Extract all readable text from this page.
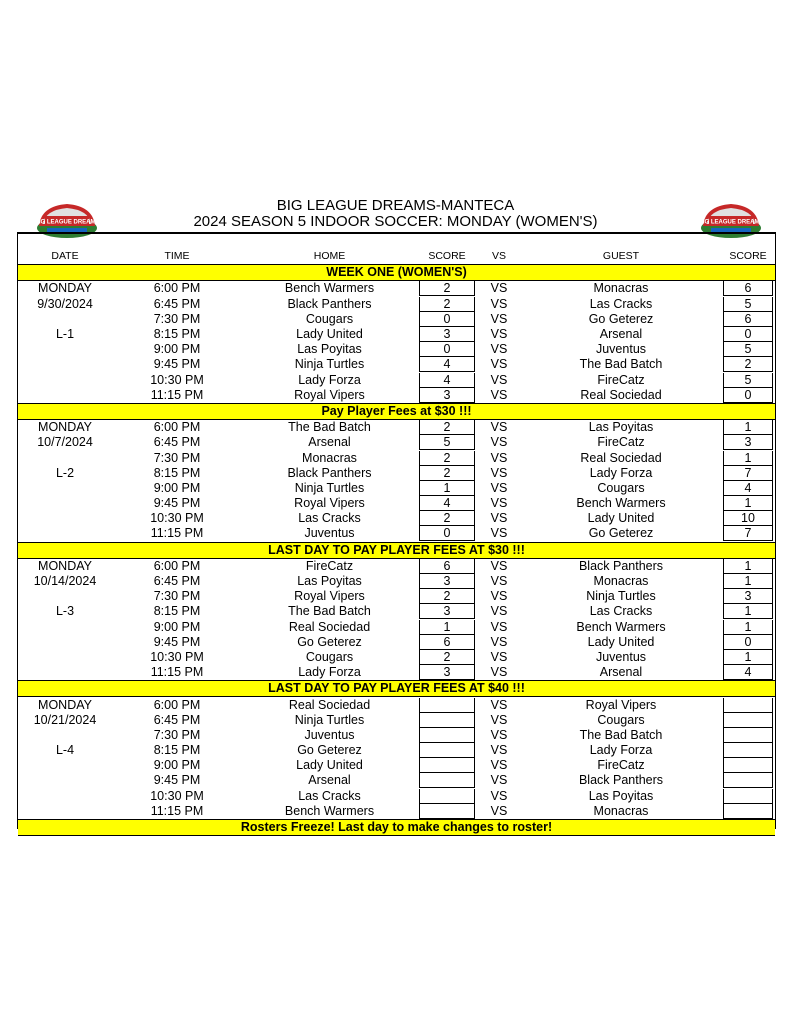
BIG LEAGUE DREAMS-MANTECA
2024 SEASON 5 INDOOR SOCCER: MONDAY (WOMEN'S)
BIG LEAGUE DREAMS	BIG LEAGUE DREAMS
DATE	TIME	HOME	SCORE	VS	GUEST	SCORE
WEEK ONE (WOMEN'S)						
MONDAY	6:00 PM	Bench Warmers	2	VS	Monacras	6

9/30/2024	6:45 PM	Black Panthers	2	VS	Las Cracks	5

	7:30 PM	Cougars	0	VS	Go Geterez	6

L-1	8:15 PM	Lady United	3	VS	Arsenal	0

	9:00 PM	Las Poyitas	0	VS	Juventus	5

	9:45 PM	Ninja Turtles	4	VS	The Bad Batch	2

	10:30 PM	Lady Forza	4	VS	FireCatz	5

	11:15 PM	Royal Vipers	3	VS	Real Sociedad	0

Pay Player Fees at $30 !!!						
MONDAY	6:00 PM	The Bad Batch	2	VS	Las Poyitas	1

10/7/2024	6:45 PM	Arsenal	5	VS	FireCatz	3

	7:30 PM	Monacras	2	VS	Real Sociedad	1

L-2	8:15 PM	Black Panthers	2	VS	Lady Forza	7

	9:00 PM	Ninja Turtles	1	VS	Cougars	4

	9:45 PM	Royal Vipers	4	VS	Bench Warmers	1

	10:30 PM	Las Cracks	2	VS	Lady United	10

	11:15 PM	Juventus	0	VS	Go Geterez	7

LAST DAY TO PAY PLAYER FEES AT $30 !!!						
MONDAY	6:00 PM	FireCatz	6	VS	Black Panthers	1

10/14/2024	6:45 PM	Las Poyitas	3	VS	Monacras	1

	7:30 PM	Royal Vipers	2	VS	Ninja Turtles	3

L-3	8:15 PM	The Bad Batch	3	VS	Las Cracks	1

	9:00 PM	Real Sociedad	1	VS	Bench Warmers	1

	9:45 PM	Go Geterez	6	VS	Lady United	0

	10:30 PM	Cougars	2	VS	Juventus	1

	11:15 PM	Lady Forza	3	VS	Arsenal	4

LAST DAY TO PAY PLAYER FEES AT $40 !!!						
MONDAY	6:00 PM	Real Sociedad		VS	Royal Vipers	

10/21/2024	6:45 PM	Ninja Turtles		VS	Cougars	

	7:30 PM	Juventus		VS	The Bad Batch	

L-4	8:15 PM	Go Geterez		VS	Lady Forza	

	9:00 PM	Lady United		VS	FireCatz	

	9:45 PM	Arsenal		VS	Black Panthers	

	10:30 PM	Las Cracks		VS	Las Poyitas	

	11:15 PM	Bench Warmers		VS	Monacras	

Rosters Freeze! Last day to make changes to roster!						
